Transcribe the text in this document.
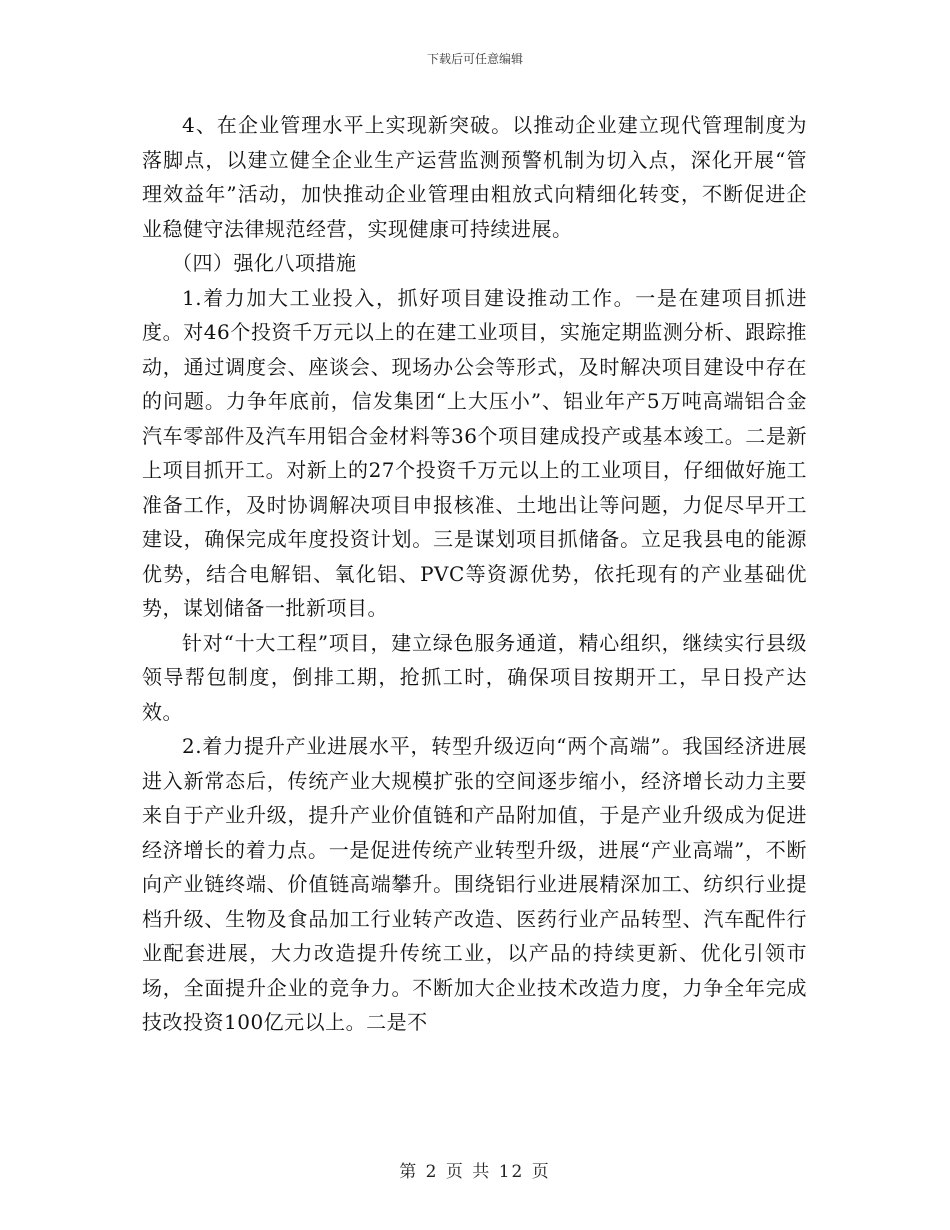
下载后可任意编辑

4、在企业管理水平上实现新突破。以推动企业建立现代管理制度为落脚点，以建立健全企业生产运营监测预警机制为切入点，深化开展“管理效益年”活动，加快推动企业管理由粗放式向精细化转变，不断促进企业稳健守法律规范经营，实现健康可持续进展。

（四）强化八项措施

1.着力加大工业投入，抓好项目建设推动工作。一是在建项目抓进度。对46个投资千万元以上的在建工业项目，实施定期监测分析、跟踪推动，通过调度会、座谈会、现场办公会等形式，及时解决项目建设中存在的问题。力争年底前，信发集团“上大压小”、铝业年产5万吨高端铝合金汽车零部件及汽车用铝合金材料等36个项目建成投产或基本竣工。二是新上项目抓开工。对新上的27个投资千万元以上的工业项目，仔细做好施工准备工作，及时协调解决项目申报核准、土地出让等问题，力促尽早开工建设，确保完成年度投资计划。三是谋划项目抓储备。立足我县电的能源优势，结合电解铝、氧化铝、PVC等资源优势，依托现有的产业基础优势，谋划储备一批新项目。

针对“十大工程”项目，建立绿色服务通道，精心组织，继续实行县级领导帮包制度，倒排工期，抢抓工时，确保项目按期开工，早日投产达效。

2.着力提升产业进展水平，转型升级迈向“两个高端”。我国经济进展进入新常态后，传统产业大规模扩张的空间逐步缩小，经济增长动力主要来自于产业升级，提升产业价值链和产品附加值，于是产业升级成为促进经济增长的着力点。一是促进传统产业转型升级，进展“产业高端”，不断向产业链终端、价值链高端攀升。围绕铝行业进展精深加工、纺织行业提档升级、生物及食品加工行业转产改造、医药行业产品转型、汽车配件行业配套进展，大力改造提升传统工业，以产品的持续更新、优化引领市场，全面提升企业的竞争力。不断加大企业技术改造力度，力争全年完成技改投资100亿元以上。二是不

第 2 页 共 12 页
